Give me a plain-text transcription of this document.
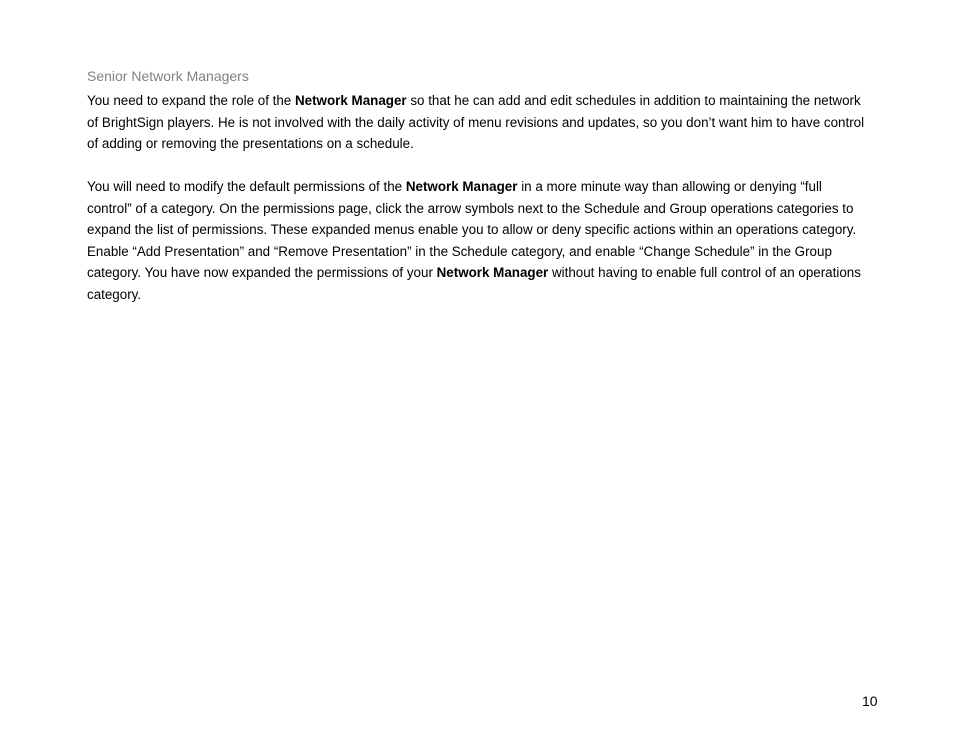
Senior Network Managers

You need to expand the role of the Network Manager so that he can add and edit schedules in addition to maintaining the network of BrightSign players. He is not involved with the daily activity of menu revisions and updates, so you don’t want him to have control of adding or removing the presentations on a schedule.

You will need to modify the default permissions of the Network Manager in a more minute way than allowing or denying “full control” of a category. On the permissions page, click the arrow symbols next to the Schedule and Group operations categories to expand the list of permissions. These expanded menus enable you to allow or deny specific actions within an operations category. Enable “Add Presentation” and “Remove Presentation” in the Schedule category, and enable “Change Schedule” in the Group category. You have now expanded the permissions of your Network Manager without having to enable full control of an operations category.

10
